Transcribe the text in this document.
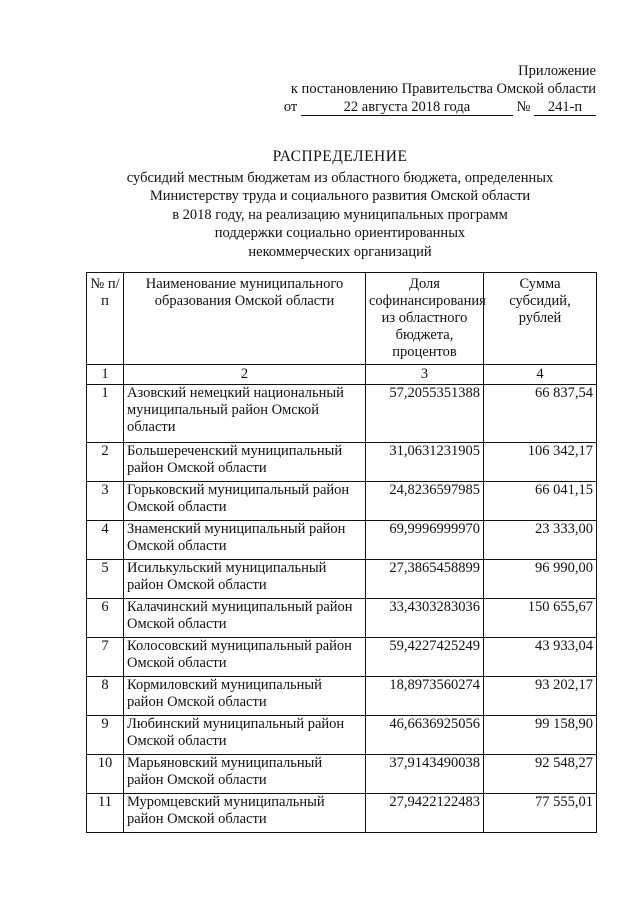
Приложение
к постановлению Правительства Омской области
от	22 августа 2018 года	№ 241-п
РАСПРЕДЕЛЕНИЕ
субсидий местным бюджетам из областного бюджета, определенных
Министерству труда и социального развития Омской области
в 2018 году, на реализацию муниципальных программ
поддержки социально ориентированных
некоммерческих организаций
№ п/п	Наименование муниципального образования Омской области	Доля софинансирования из областного бюджета, процентов	Сумма субсидий, рублей
1	2	3	4
1	Азовский немецкий национальный муниципальный район Омской области	57,2055351388	66 837,54
2	Большереченский муниципальный район Омской области	31,0631231905	106 342,17
3	Горьковский муниципальный район Омской области	24,8236597985	66 041,15
4	Знаменский муниципальный район Омской области	69,9996999970	23 333,00
5	Исилькульский муниципальный район Омской области	27,3865458899	96 990,00
6	Калачинский муниципальный район Омской области	33,4303283036	150 655,67
7	Колосовский муниципальный район Омской области	59,4227425249	43 933,04
8	Кормиловский муниципальный район Омской области	18,8973560274	93 202,17
9	Любинский муниципальный район Омской области	46,6636925056	99 158,90
10	Марьяновский муниципальный район Омской области	37,9143490038	92 548,27
11	Муромцевский муниципальный район Омской области	27,9422122483	77 555,01
